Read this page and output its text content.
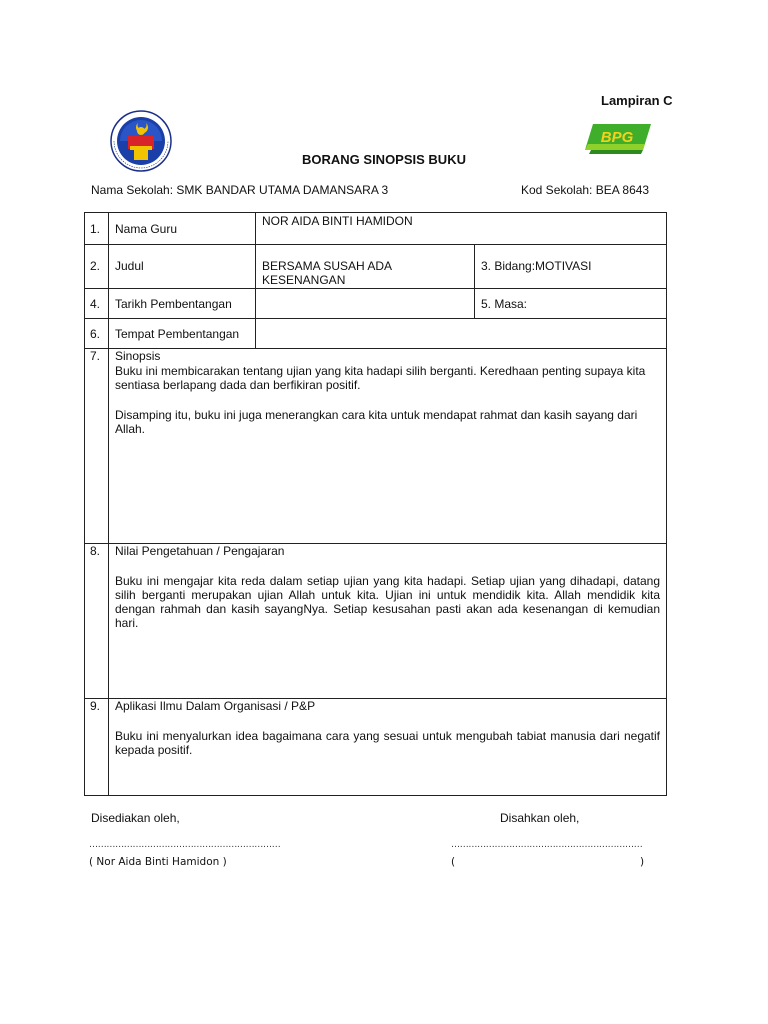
Lampiran C
BPG
BORANG SINOPSIS BUKU
Nama Sekolah: SMK BANDAR UTAMA DAMANSARA 3	Kod Sekolah: BEA 8643
1.	Nama Guru	NOR AIDA BINTI HAMIDON	

2.	Judul	BERSAMA SUSAH ADA KESENANGAN	3. Bidang:MOTIVASI

4.	Tarikh Pembentangan		5. Masa:

6.	Tempat Pembentangan		

7.	Sinopsis

Buku ini membicarakan tentang ujian yang kita hadapi silih berganti. Keredhaan penting supaya kita sentiasa berlapang dada dan berfikiran positif.

Disamping itu, buku ini juga menerangkan cara kita untuk mendapat rahmat dan kasih sayang dari Allah.		

8.	Nilai Pengetahuan / Pengajaran

Buku ini mengajar kita reda dalam setiap ujian yang kita hadapi. Setiap ujian yang dihadapi, datang silih berganti merupakan ujian Allah untuk kita. Ujian ini untuk mendidik kita. Allah mendidik kita dengan rahmah dan kasih sayangNya. Setiap kesusahan pasti akan ada kesenangan di kemudian hari.		

9.	Aplikasi Ilmu Dalam Organisasi / P&P

Buku ini menyalurkan idea bagaimana cara yang sesuai untuk mengubah tabiat manusia dari negatif kepada positif.		

Disediakan oleh,	Disahkan oleh,
…………………………………………………………	…………………………………………………………
( Nor Aida Binti Hamidon )	(	)
